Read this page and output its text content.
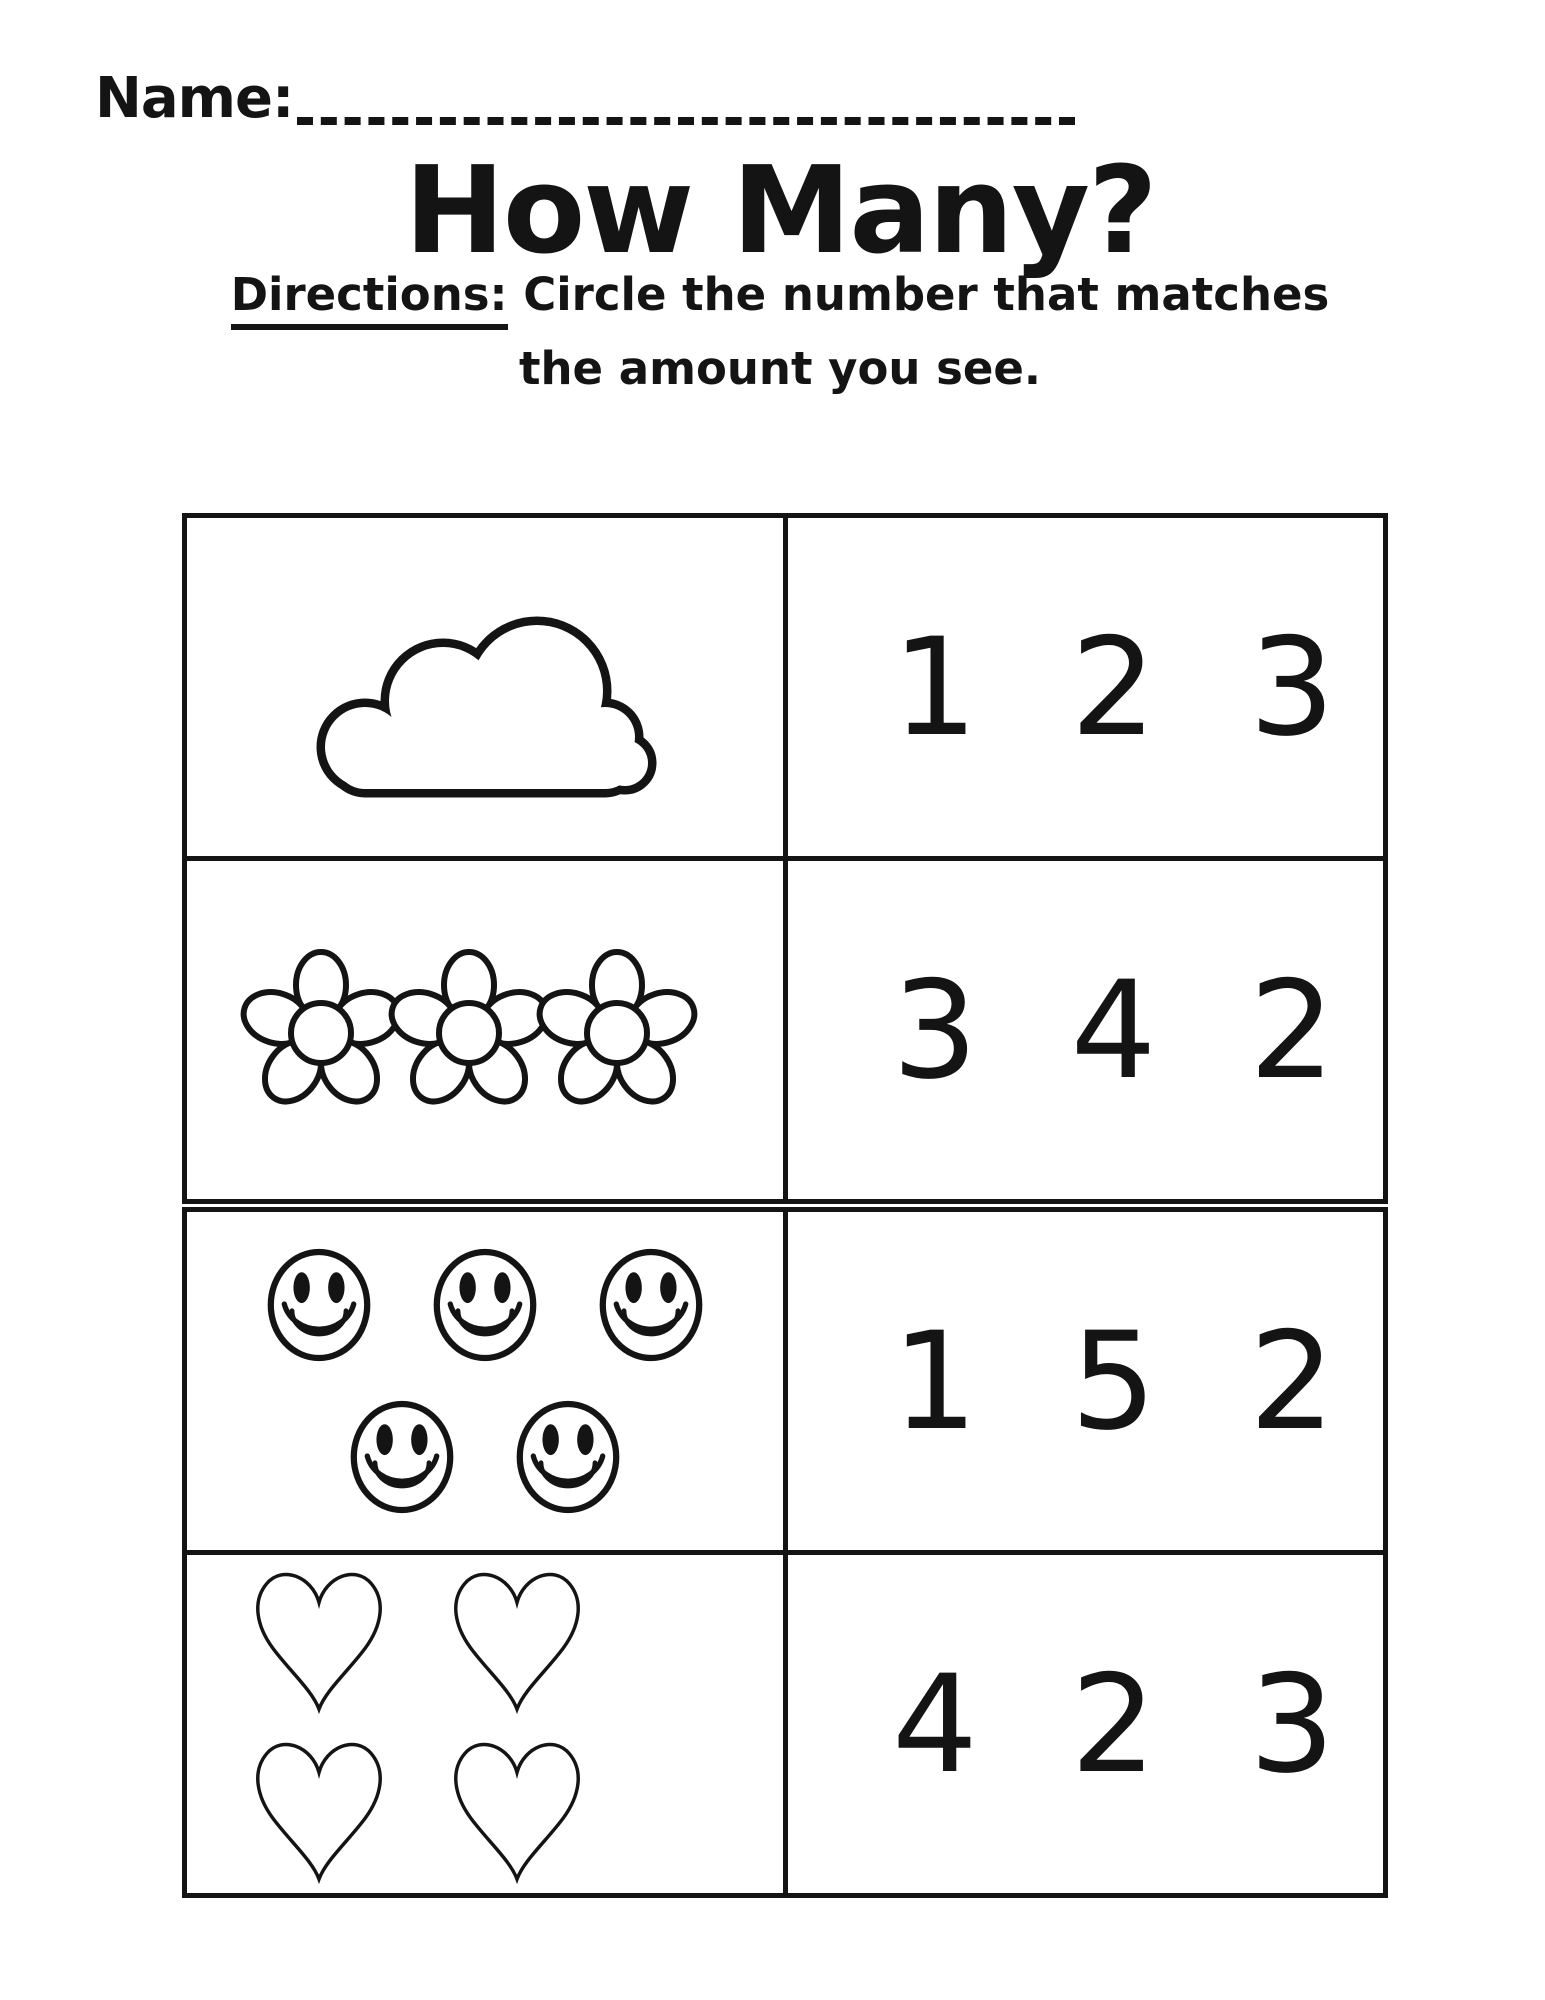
Name:
How Many?
Directions: Circle the number that matches
the amount you see.
1 2 3
3 4 2
1 5 2
4 2 3
